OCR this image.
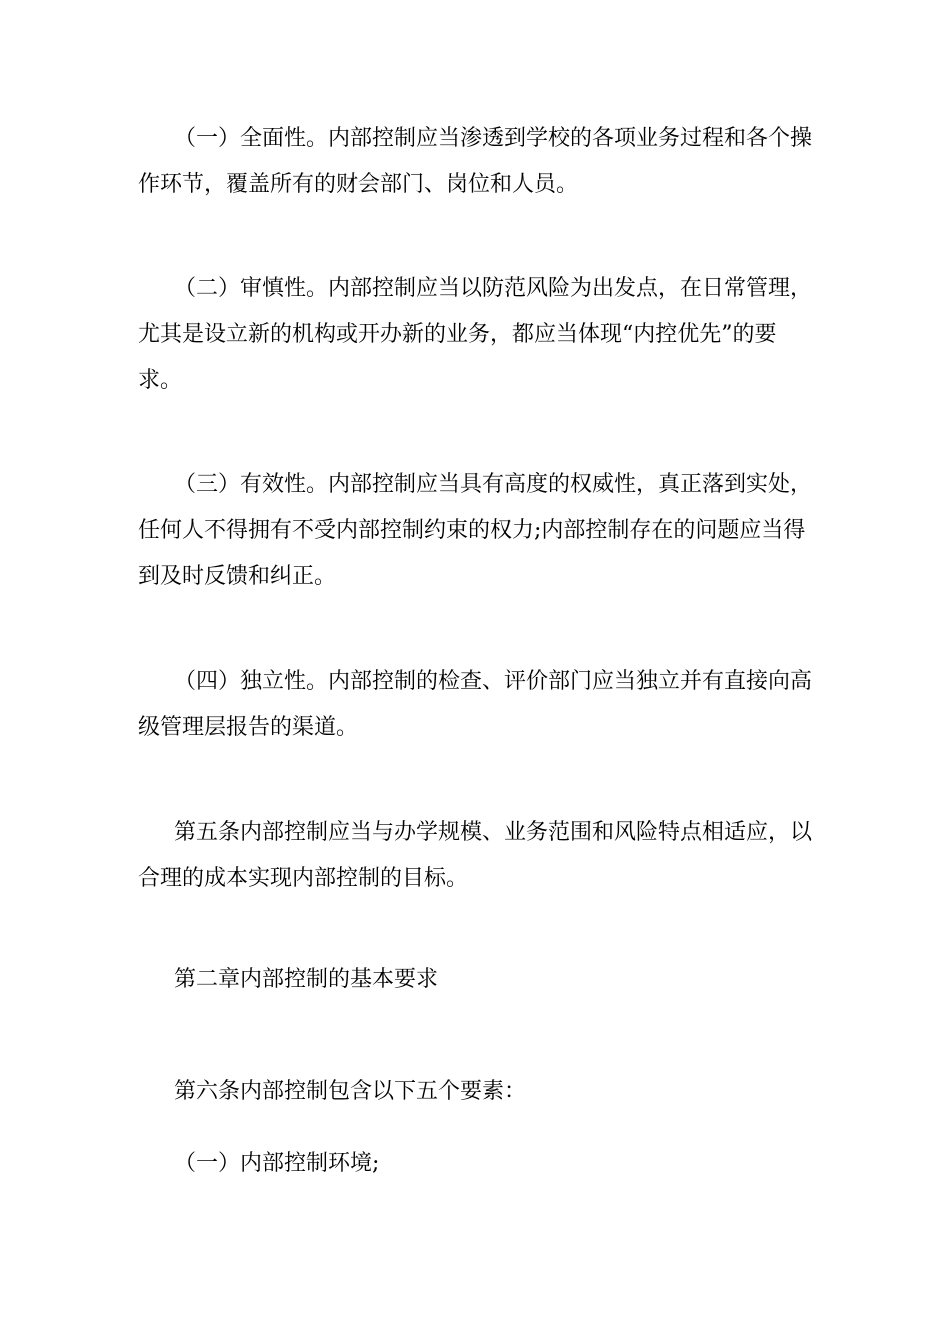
（一）全面性。内部控制应当渗透到学校的各项业务过程和各个操作环节，覆盖所有的财会部门、岗位和人员。

（二）审慎性。内部控制应当以防范风险为出发点，在日常管理，尤其是设立新的机构或开办新的业务，都应当体现“内控优先”的要求。

（三）有效性。内部控制应当具有高度的权威性，真正落到实处，任何人不得拥有不受内部控制约束的权力;内部控制存在的问题应当得到及时反馈和纠正。

（四）独立性。内部控制的检查、评价部门应当独立并有直接向高级管理层报告的渠道。

第五条内部控制应当与办学规模、业务范围和风险特点相适应，以合理的成本实现内部控制的目标。

第二章内部控制的基本要求

第六条内部控制包含以下五个要素：

（一）内部控制环境;
